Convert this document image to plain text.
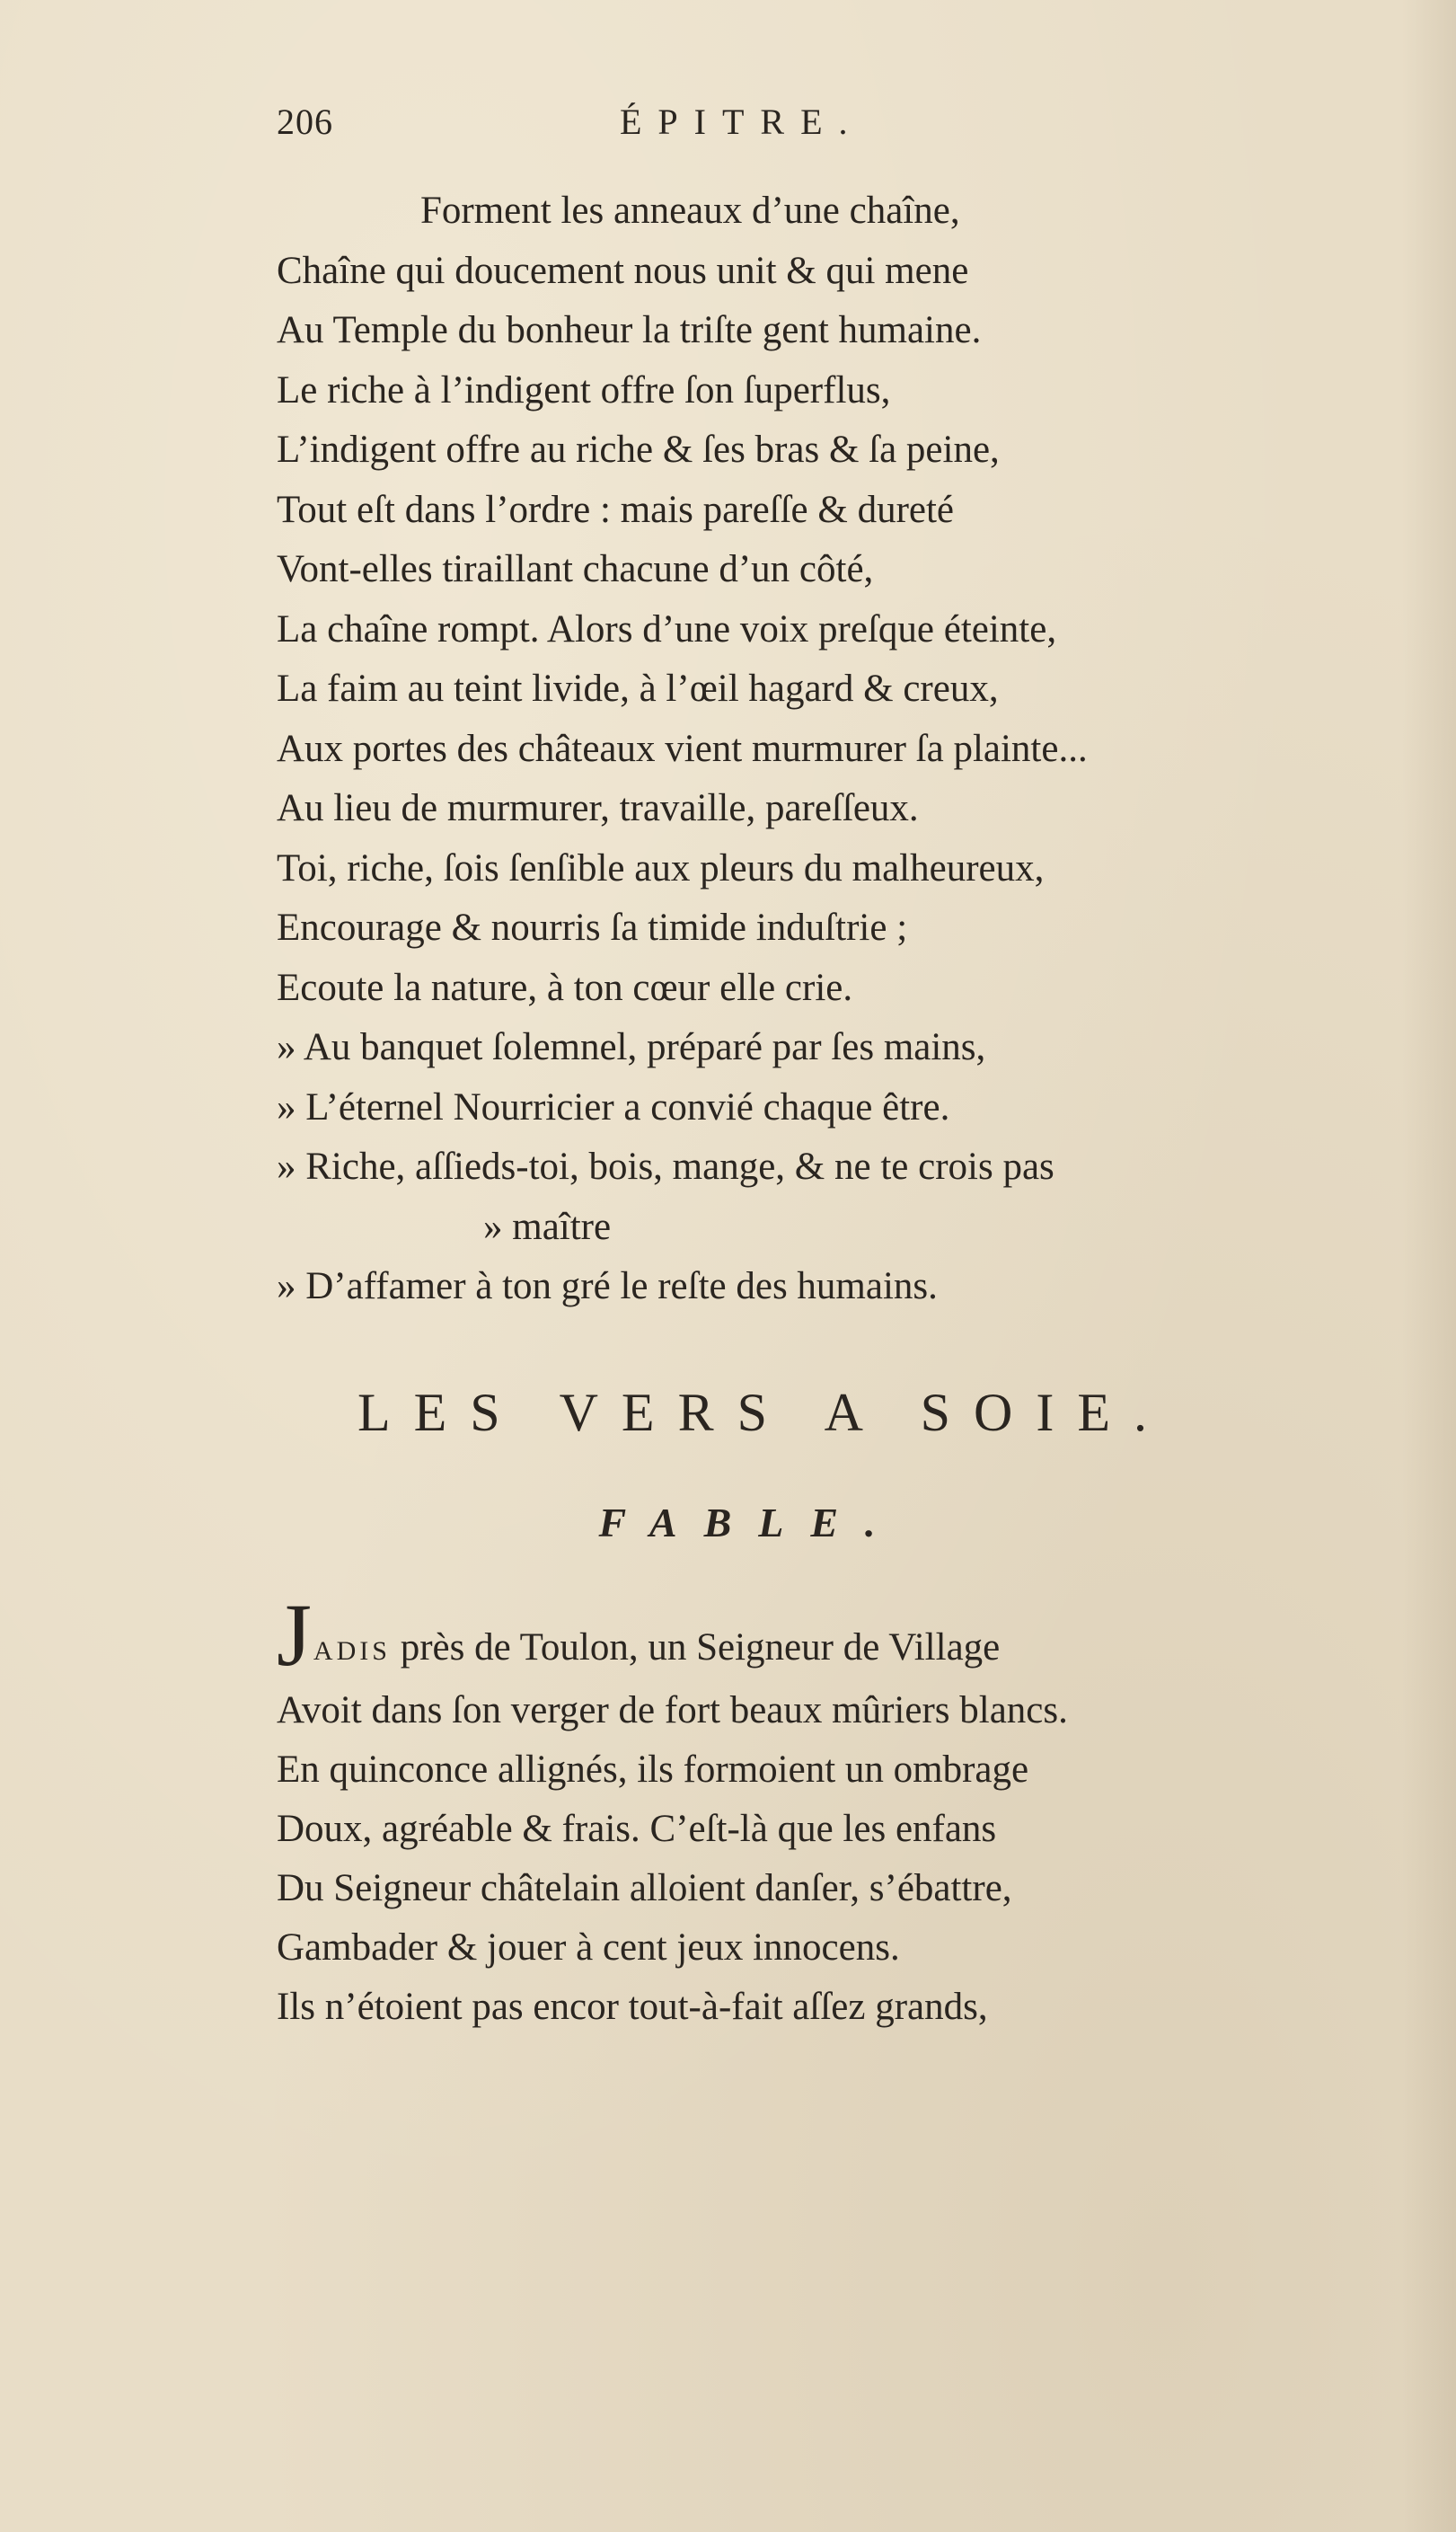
206	ÉPITRE.
Forment les anneaux d’une chaîne,
Chaîne qui doucement nous unit & qui mene
Au Temple du bonheur la triſte gent humaine.
Le riche à l’indigent offre ſon ſuperflus,
L’indigent offre au riche & ſes bras & ſa peine,
Tout eſt dans l’ordre : mais pareſſe & dureté
Vont-elles tiraillant chacune d’un côté,
La chaîne rompt. Alors d’une voix preſque éteinte,
La faim au teint livide, à l’œil hagard & creux,
Aux portes des châteaux vient murmurer ſa plainte...
Au lieu de murmurer, travaille, pareſſeux.
Toi, riche, ſois ſenſible aux pleurs du malheureux,
Encourage & nourris ſa timide induſtrie ;
Ecoute la nature, à ton cœur elle crie.
» Au banquet ſolemnel, préparé par ſes mains,
» L’éternel Nourricier a convié chaque être.
» Riche, aſſieds-toi, bois, mange, & ne te crois pas
» maître
» D’affamer à ton gré le reſte des humains.
LES VERS A SOIE.
FABLE.
JADIS près de Toulon, un Seigneur de Village
Avoit dans ſon verger de fort beaux mûriers blancs.
En quinconce allignés, ils formoient un ombrage
Doux, agréable & frais. C’eſt-là que les enfans
Du Seigneur châtelain alloient danſer, s’ébattre,
Gambader & jouer à cent jeux innocens.
Ils n’étoient pas encor tout-à-fait aſſez grands,
